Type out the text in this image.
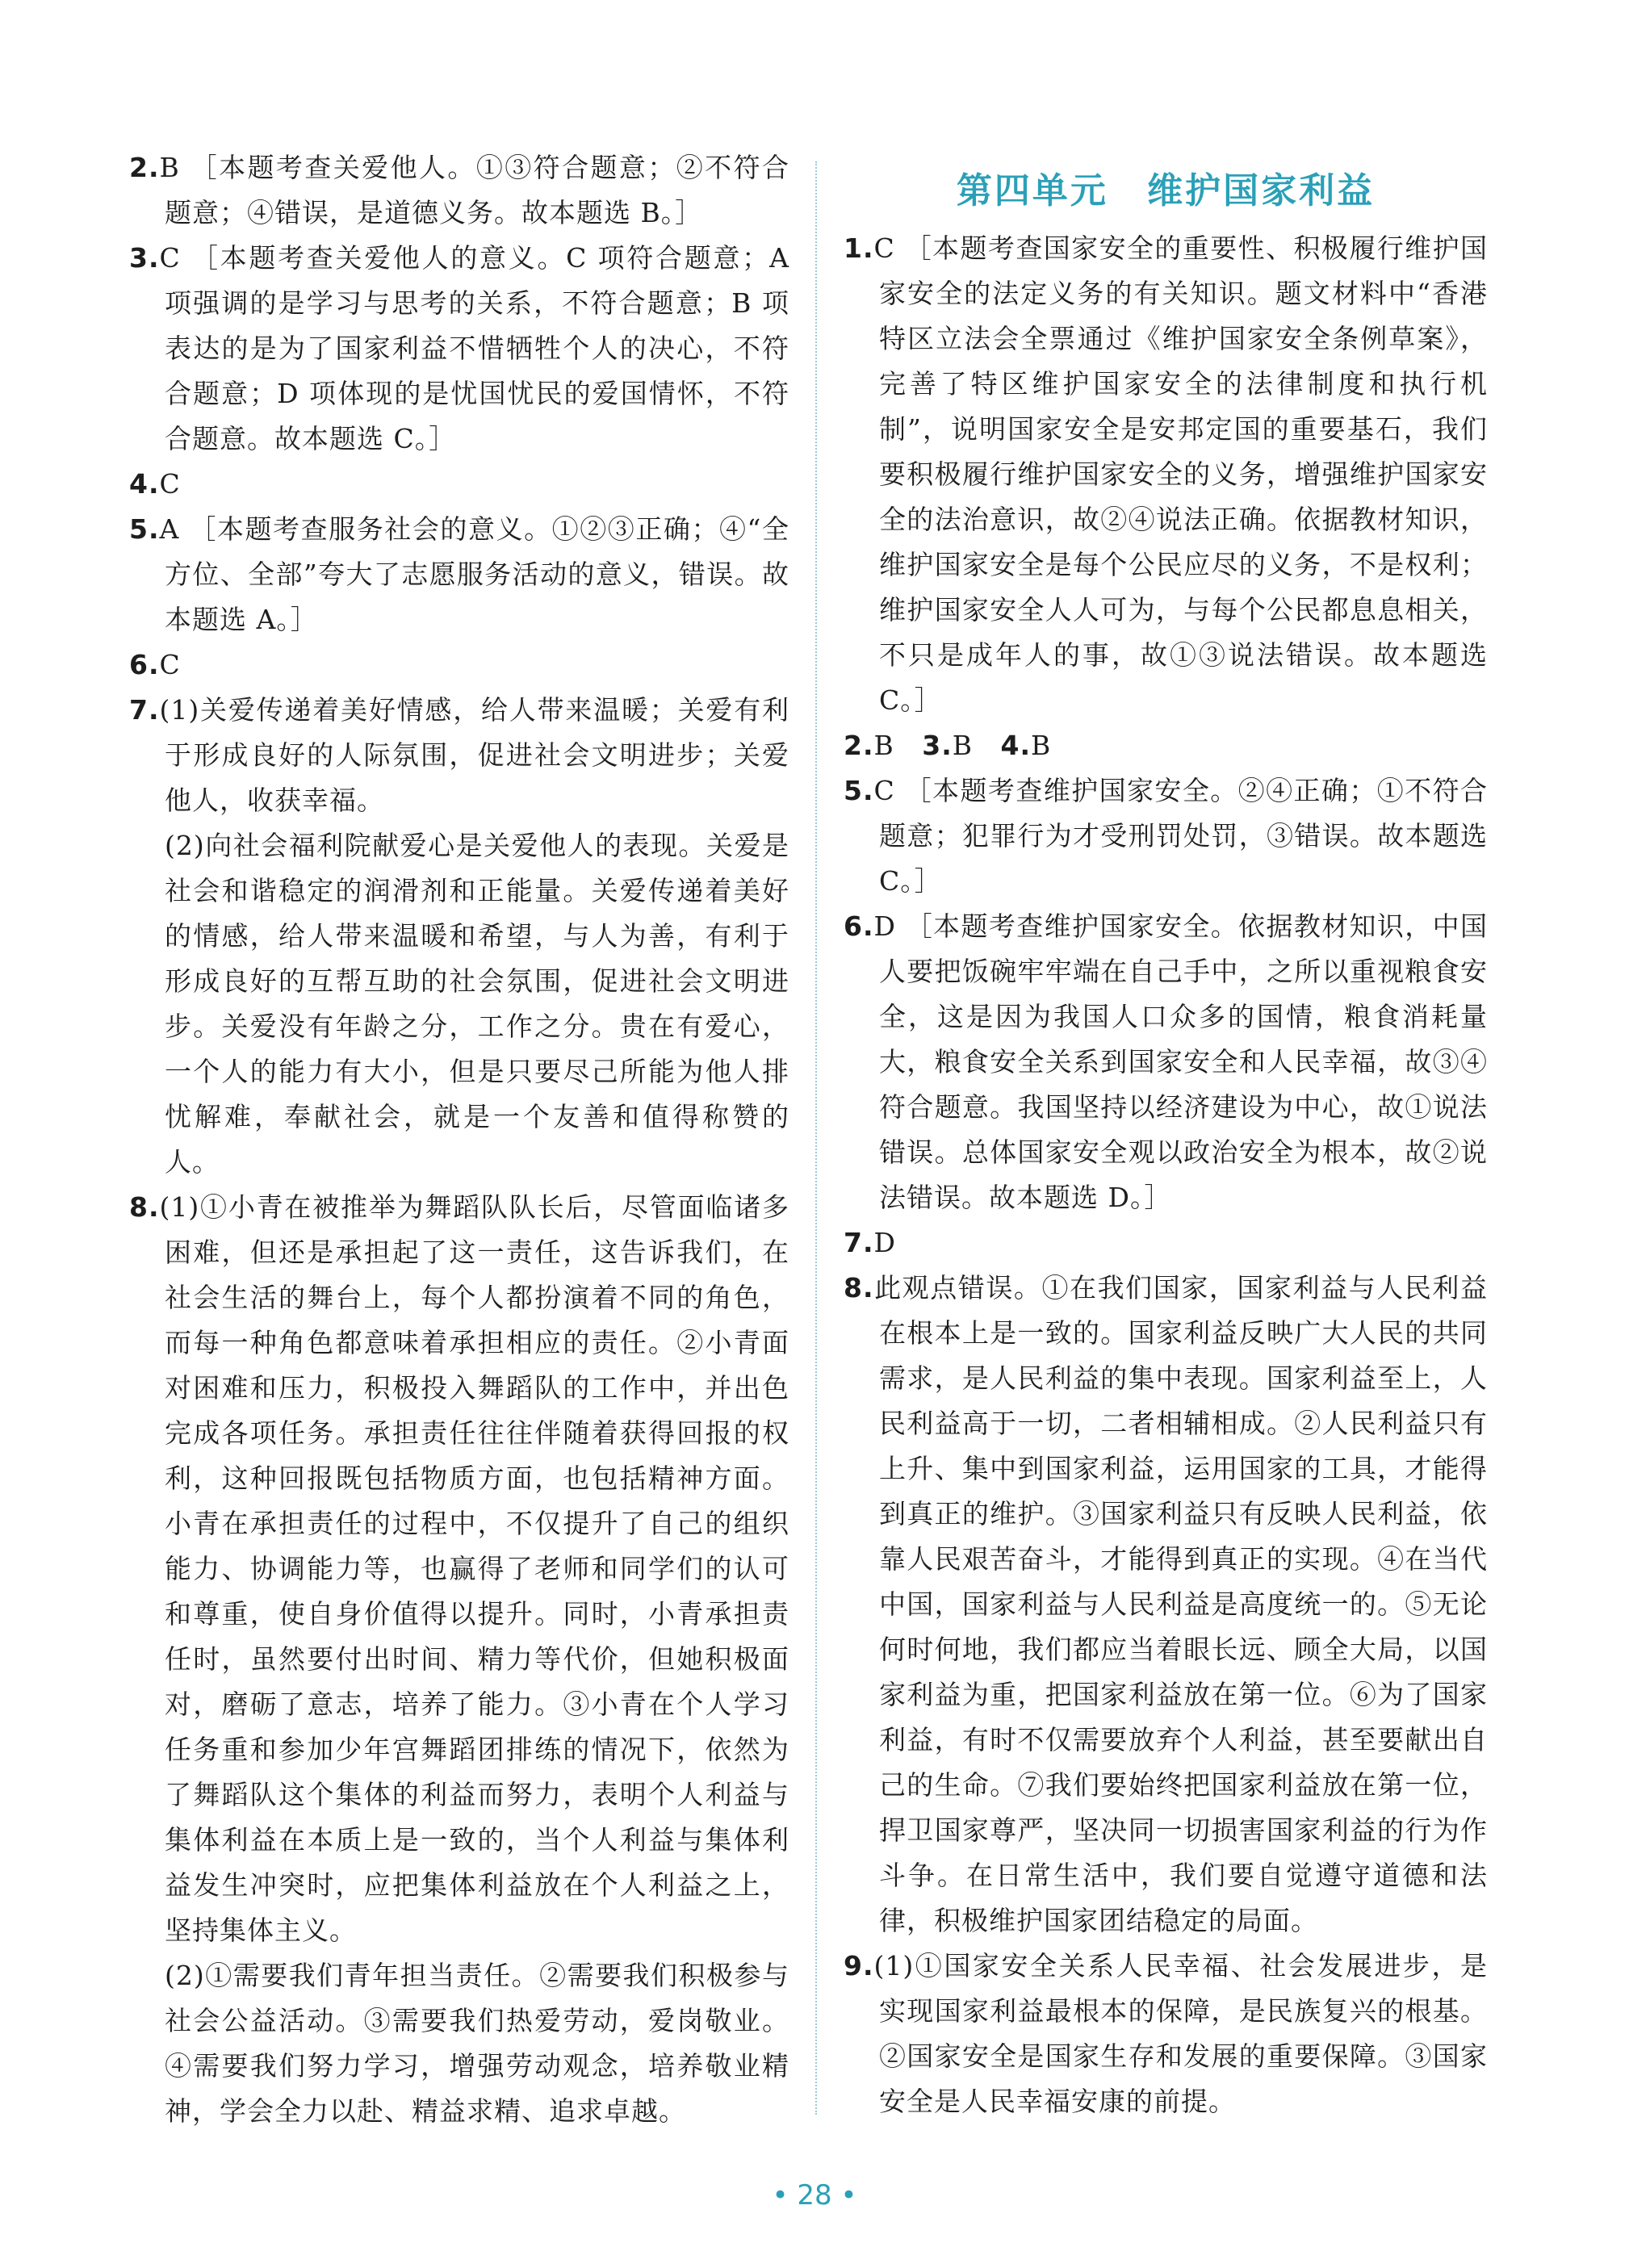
2.B ［本题考查关爱他人。①③符合题意；②不符合题意；④错误，是道德义务。故本题选 B。］

3.C ［本题考查关爱他人的意义。C 项符合题意；A 项强调的是学习与思考的关系，不符合题意；B 项表达的是为了国家利益不惜牺牲个人的决心，不符合题意；D 项体现的是忧国忧民的爱国情怀，不符合题意。故本题选 C。］

4.C

5.A ［本题考查服务社会的意义。①②③正确；④“全方位、全部”夸大了志愿服务活动的意义，错误。故本题选 A。］

6.C

7.(1)关爱传递着美好情感，给人带来温暖；关爱有利于形成良好的人际氛围，促进社会文明进步；关爱他人，收获幸福。

(2)向社会福利院献爱心是关爱他人的表现。关爱是社会和谐稳定的润滑剂和正能量。关爱传递着美好的情感，给人带来温暖和希望，与人为善，有利于形成良好的互帮互助的社会氛围，促进社会文明进步。关爱没有年龄之分，工作之分。贵在有爱心，一个人的能力有大小，但是只要尽己所能为他人排忧解难，奉献社会，就是一个友善和值得称赞的人。

8.(1)①小青在被推举为舞蹈队队长后，尽管面临诸多困难，但还是承担起了这一责任，这告诉我们，在社会生活的舞台上，每个人都扮演着不同的角色，而每一种角色都意味着承担相应的责任。②小青面对困难和压力，积极投入舞蹈队的工作中，并出色完成各项任务。承担责任往往伴随着获得回报的权利，这种回报既包括物质方面，也包括精神方面。小青在承担责任的过程中，不仅提升了自己的组织能力、协调能力等，也赢得了老师和同学们的认可和尊重，使自身价值得以提升。同时，小青承担责任时，虽然要付出时间、精力等代价，但她积极面对，磨砺了意志，培养了能力。③小青在个人学习任务重和参加少年宫舞蹈团排练的情况下，依然为了舞蹈队这个集体的利益而努力，表明个人利益与集体利益在本质上是一致的，当个人利益与集体利益发生冲突时，应把集体利益放在个人利益之上，坚持集体主义。

(2)①需要我们青年担当责任。②需要我们积极参与社会公益活动。③需要我们热爱劳动，爱岗敬业。④需要我们努力学习，增强劳动观念，培养敬业精神，学会全力以赴、精益求精、追求卓越。

第四单元 维护国家利益

1.C ［本题考查国家安全的重要性、积极履行维护国家安全的法定义务的有关知识。题文材料中“香港特区立法会全票通过《维护国家安全条例草案》，完善了特区维护国家安全的法律制度和执行机制”，说明国家安全是安邦定国的重要基石，我们要积极履行维护国家安全的义务，增强维护国家安全的法治意识，故②④说法正确。依据教材知识，维护国家安全是每个公民应尽的义务，不是权利；维护国家安全人人可为，与每个公民都息息相关，不只是成年人的事，故①③说法错误。故本题选 C。］

2.B 3.B 4.B

5.C ［本题考查维护国家安全。②④正确；①不符合题意；犯罪行为才受刑罚处罚，③错误。故本题选 C。］

6.D ［本题考查维护国家安全。依据教材知识，中国人要把饭碗牢牢端在自己手中，之所以重视粮食安全，这是因为我国人口众多的国情，粮食消耗量大，粮食安全关系到国家安全和人民幸福，故③④符合题意。我国坚持以经济建设为中心，故①说法错误。总体国家安全观以政治安全为根本，故②说法错误。故本题选 D。］

7.D

8.此观点错误。①在我们国家，国家利益与人民利益在根本上是一致的。国家利益反映广大人民的共同需求，是人民利益的集中表现。国家利益至上，人民利益高于一切，二者相辅相成。②人民利益只有上升、集中到国家利益，运用国家的工具，才能得到真正的维护。③国家利益只有反映人民利益，依靠人民艰苦奋斗，才能得到真正的实现。④在当代中国，国家利益与人民利益是高度统一的。⑤无论何时何地，我们都应当着眼长远、顾全大局，以国家利益为重，把国家利益放在第一位。⑥为了国家利益，有时不仅需要放弃个人利益，甚至要献出自己的生命。⑦我们要始终把国家利益放在第一位，捍卫国家尊严，坚决同一切损害国家利益的行为作斗争。在日常生活中，我们要自觉遵守道德和法律，积极维护国家团结稳定的局面。

9.(1)①国家安全关系人民幸福、社会发展进步，是实现国家利益最根本的保障，是民族复兴的根基。②国家安全是国家生存和发展的重要保障。③国家安全是人民幸福安康的前提。

• 28 •
